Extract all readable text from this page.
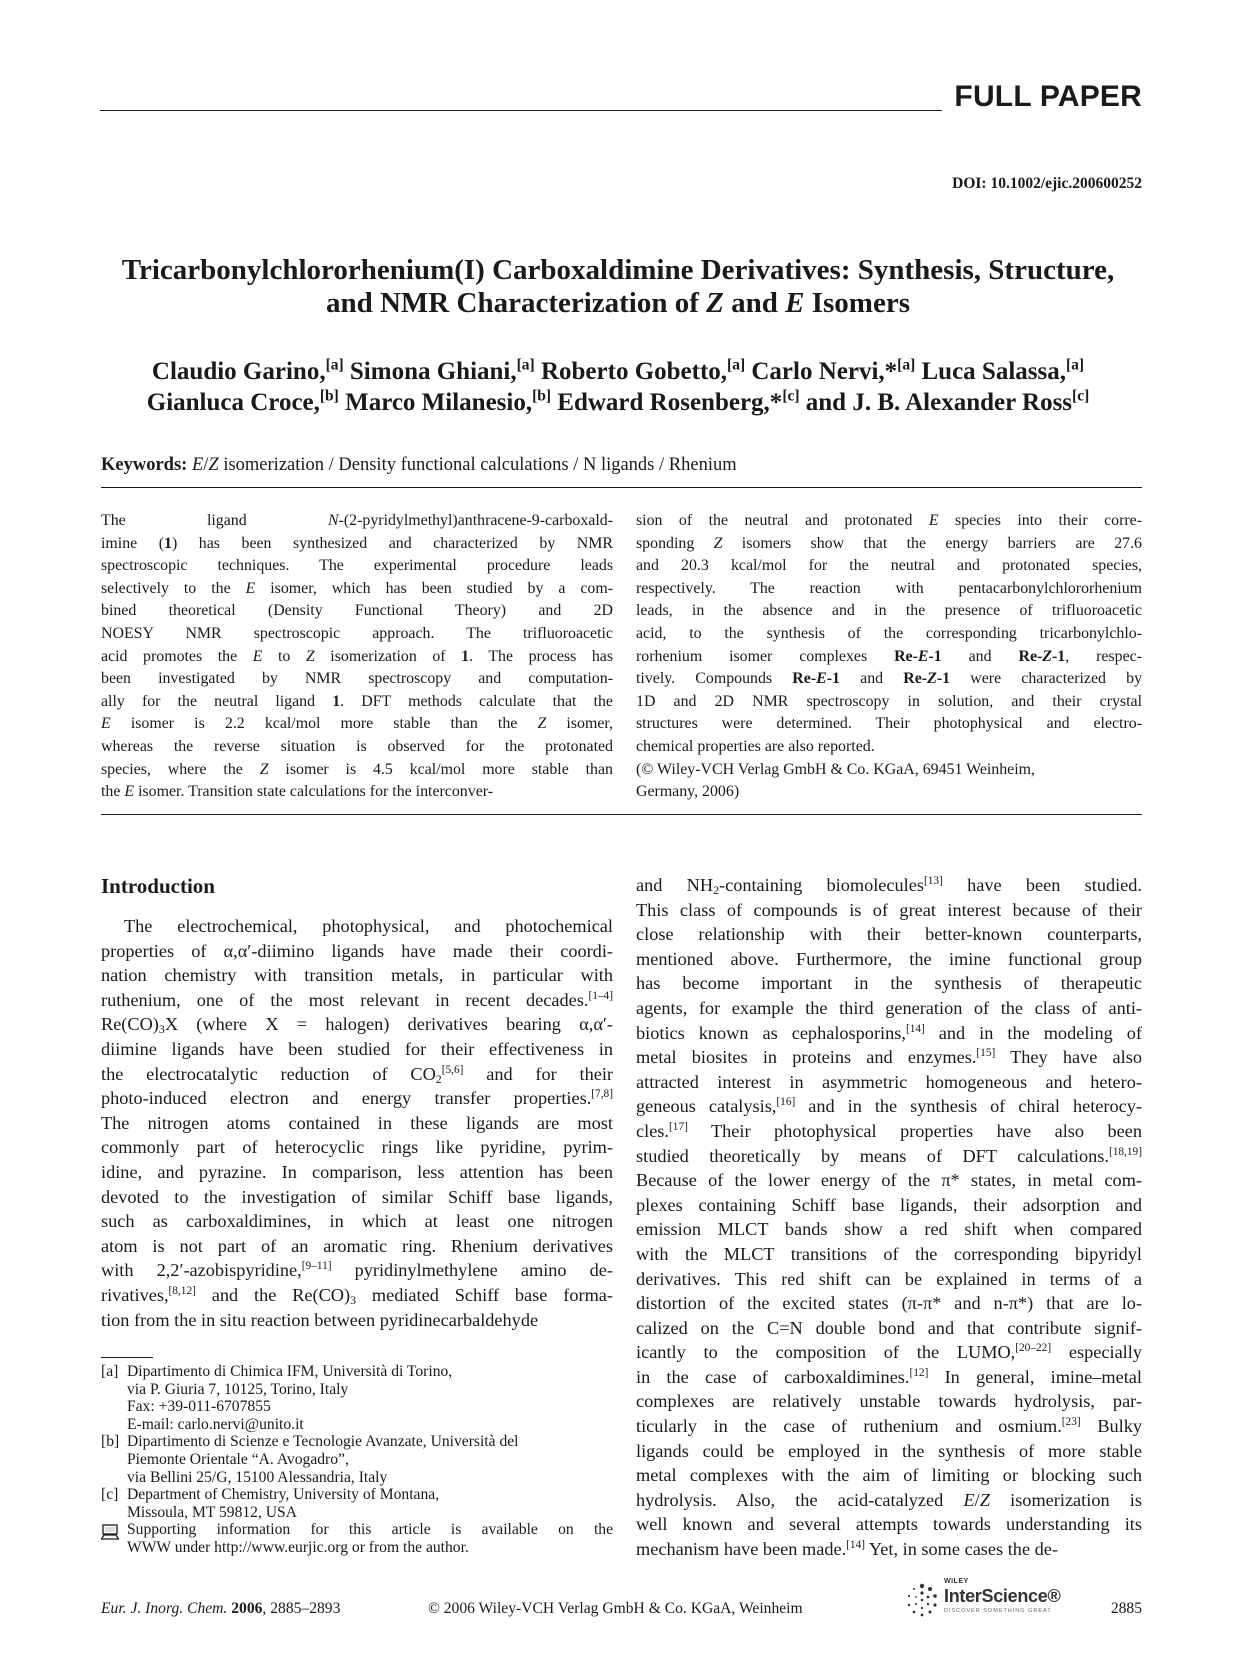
FULL PAPER
DOI: 10.1002/ejic.200600252
Tricarbonylchlororhenium(I) Carboxaldimine Derivatives: Synthesis, Structure,
and NMR Characterization of Z and E Isomers
Claudio Garino,[a] Simona Ghiani,[a] Roberto Gobetto,[a] Carlo Nervi,*[a] Luca Salassa,[a]
Gianluca Croce,[b] Marco Milanesio,[b] Edward Rosenberg,*[c] and J. B. Alexander Ross[c]
Keywords: E/Z isomerization / Density functional calculations / N ligands / Rhenium
The ligand N-(2-pyridylmethyl)anthracene-9-carboxald-
imine (1) has been synthesized and characterized by NMR
spectroscopic techniques. The experimental procedure leads
selectively to the E isomer, which has been studied by a com-
bined theoretical (Density Functional Theory) and 2D
NOESY NMR spectroscopic approach. The trifluoroacetic
acid promotes the E to Z isomerization of 1. The process has
been investigated by NMR spectroscopy and computation-
ally for the neutral ligand 1. DFT methods calculate that the
E isomer is 2.2 kcal/mol more stable than the Z isomer,
whereas the reverse situation is observed for the protonated
species, where the Z isomer is 4.5 kcal/mol more stable than
the E isomer. Transition state calculations for the interconver-
sion of the neutral and protonated E species into their corre-
sponding Z isomers show that the energy barriers are 27.6
and 20.3 kcal/mol for the neutral and protonated species,
respectively. The reaction with pentacarbonylchlororhenium
leads, in the absence and in the presence of trifluoroacetic
acid, to the synthesis of the corresponding tricarbonylchlo-
rorhenium isomer complexes Re-E-1 and Re-Z-1, respec-
tively. Compounds Re-E-1 and Re-Z-1 were characterized by
1D and 2D NMR spectroscopy in solution, and their crystal
structures were determined. Their photophysical and electro-
chemical properties are also reported.
(© Wiley-VCH Verlag GmbH & Co. KGaA, 69451 Weinheim,
Germany, 2006)
Introduction
The electrochemical, photophysical, and photochemical
properties of α,α′-diimino ligands have made their coordi-
nation chemistry with transition metals, in particular with
ruthenium, one of the most relevant in recent decades.[1–4]
$Re(CO)_3X$ (where X = halogen) derivatives bearing α,α′-
diimine ligands have been studied for their effectiveness in
the electrocatalytic reduction of $CO_2[5,6]$ and for their
photo-induced electron and energy transfer properties.[7,8]
The nitrogen atoms contained in these ligands are most
commonly part of heterocyclic rings like pyridine, pyrim-
idine, and pyrazine. In comparison, less attention has been
devoted to the investigation of similar Schiff base ligands,
such as carboxaldimines, in which at least one nitrogen
atom is not part of an aromatic ring. Rhenium derivatives
with 2,2′-azobispyridine,[9–11] pyridinylmethylene amino de-
rivatives,[8,12] and the $Re(CO)_3$ mediated Schiff base forma-
tion from the in situ reaction between pyridinecarbaldehyde
and $NH_2$-containing biomolecules[13] have been studied.
This class of compounds is of great interest because of their
close relationship with their better-known counterparts,
mentioned above. Furthermore, the imine functional group
has become important in the synthesis of therapeutic
agents, for example the third generation of the class of anti-
biotics known as cephalosporins,[14] and in the modeling of
metal biosites in proteins and enzymes.[15] They have also
attracted interest in asymmetric homogeneous and hetero-
geneous catalysis,[16] and in the synthesis of chiral heterocy-
cles.[17] Their photophysical properties have also been
studied theoretically by means of DFT calculations.[18,19]
Because of the lower energy of the π* states, in metal com-
plexes containing Schiff base ligands, their adsorption and
emission MLCT bands show a red shift when compared
with the MLCT transitions of the corresponding bipyridyl
derivatives. This red shift can be explained in terms of a
distortion of the excited states (π-π* and n-π*) that are lo-
calized on the C=N double bond and that contribute signif-
icantly to the composition of the LUMO,[20–22] especially
in the case of carboxaldimines.[12] In general, imine–metal
complexes are relatively unstable towards hydrolysis, par-
ticularly in the case of ruthenium and osmium.[23] Bulky
ligands could be employed in the synthesis of more stable
metal complexes with the aim of limiting or blocking such
hydrolysis. Also, the acid-catalyzed E/Z isomerization is
well known and several attempts towards understanding its
mechanism have been made.[14] Yet, in some cases the de-
[a] Dipartimento di Chimica IFM, Università di Torino,
via P. Giuria 7, 10125, Torino, Italy
Fax: +39-011-6707855
E-mail: carlo.nervi@unito.it
[b] Dipartimento di Scienze e Tecnologie Avanzate, Università del
Piemonte Orientale “A. Avogadro”,
via Bellini 25/G, 15100 Alessandria, Italy
[c] Department of Chemistry, University of Montana,
Missoula, MT 59812, USA
Supporting information for this article is available on the
WWW under http://www.eurjic.org or from the author.
Eur. J. Inorg. Chem. 2006, 2885–2893	© 2006 Wiley-VCH Verlag GmbH & Co. KGaA, Weinheim
WILEY
InterScience®
DISCOVER SOMETHING GREAT	2885
